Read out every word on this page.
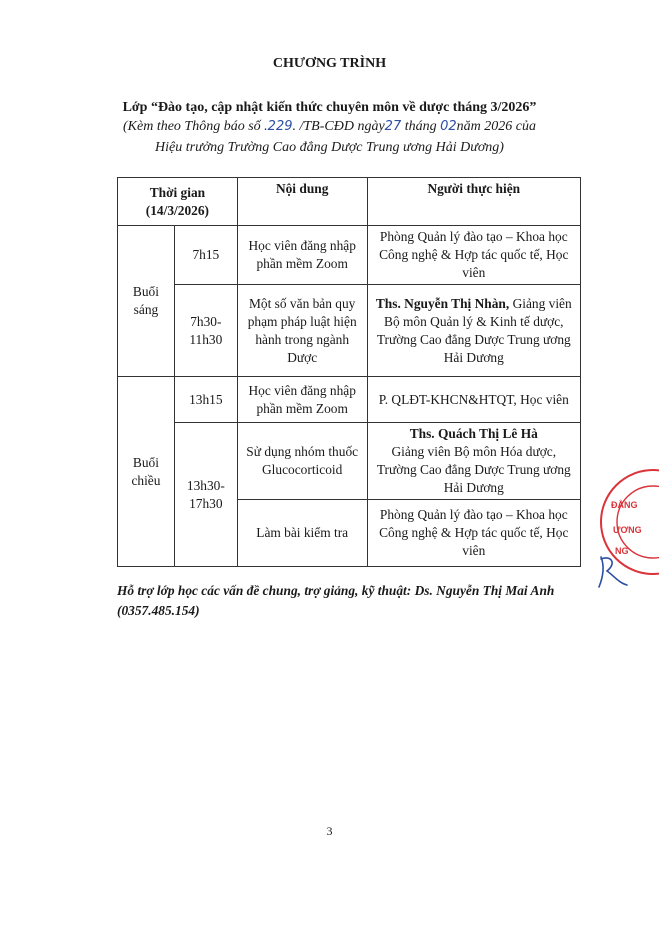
CHƯƠNG TRÌNH
Lớp “Đào tạo, cập nhật kiến thức chuyên môn về dược tháng 3/2026”
(Kèm theo Thông báo số .229. /TB-CĐD ngày27 tháng 02năm 2026 của
Hiệu trưởng Trường Cao đẳng Dược Trung ương Hải Dương)
Thời gian
(14/3/2026)		Nội dung	Người thực hiện

Buổi
sáng	7h15	Học viên đăng nhập phần mềm Zoom	Phòng Quản lý đào tạo – Khoa học Công nghệ & Hợp tác quốc tế, Học viên
	7h30-11h30	Một số văn bản quy phạm pháp luật hiện hành trong ngành Dược	Ths. Nguyễn Thị Nhàn, Giảng viên Bộ môn Quản lý & Kinh tế dược, Trường Cao đẳng Dược Trung ương Hải Dương

Buổi
chiều	13h15	Học viên đăng nhập phần mềm Zoom	P. QLĐT-KHCN&HTQT, Học viên
	13h30-17h30	Sử dụng nhóm thuốc Glucocorticoid	Ths. Quách Thị Lê Hà
Giảng viên Bộ môn Hóa dược, Trường Cao đẳng Dược Trung ương Hải Dương

		Làm bài kiểm tra	Phòng Quản lý đào tạo – Khoa học Công nghệ & Hợp tác quốc tế, Học viên
Hỗ trợ lớp học các vấn đề chung, trợ giảng, kỹ thuật: Ds. Nguyễn Thị Mai Anh (0357.485.154)
3
ĐẲNG
ƯƠNG
NG
